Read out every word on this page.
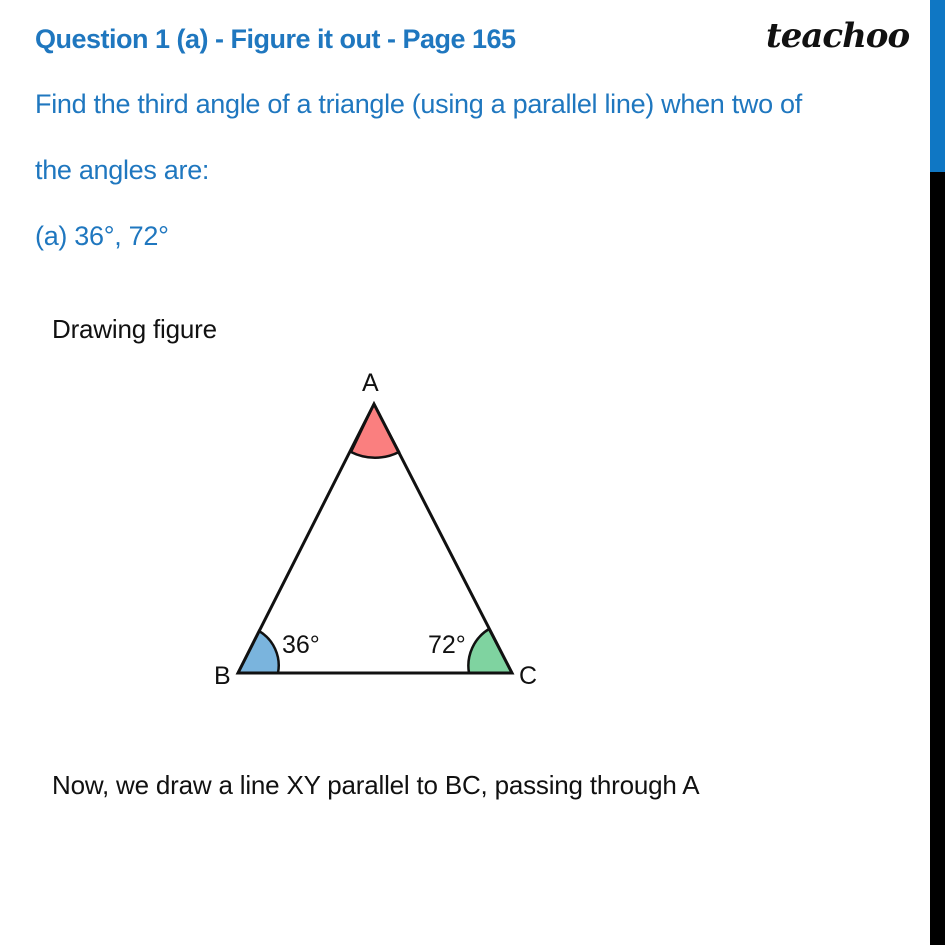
Question 1 (a) - Figure it out - Page 165	teachoo
Find the third angle of a triangle (using a parallel line) when two of
the angles are:
(a) 36°, 72°
Drawing figure
Now, we draw a line XY parallel to BC, passing through A
A
B	C
36°	72°
